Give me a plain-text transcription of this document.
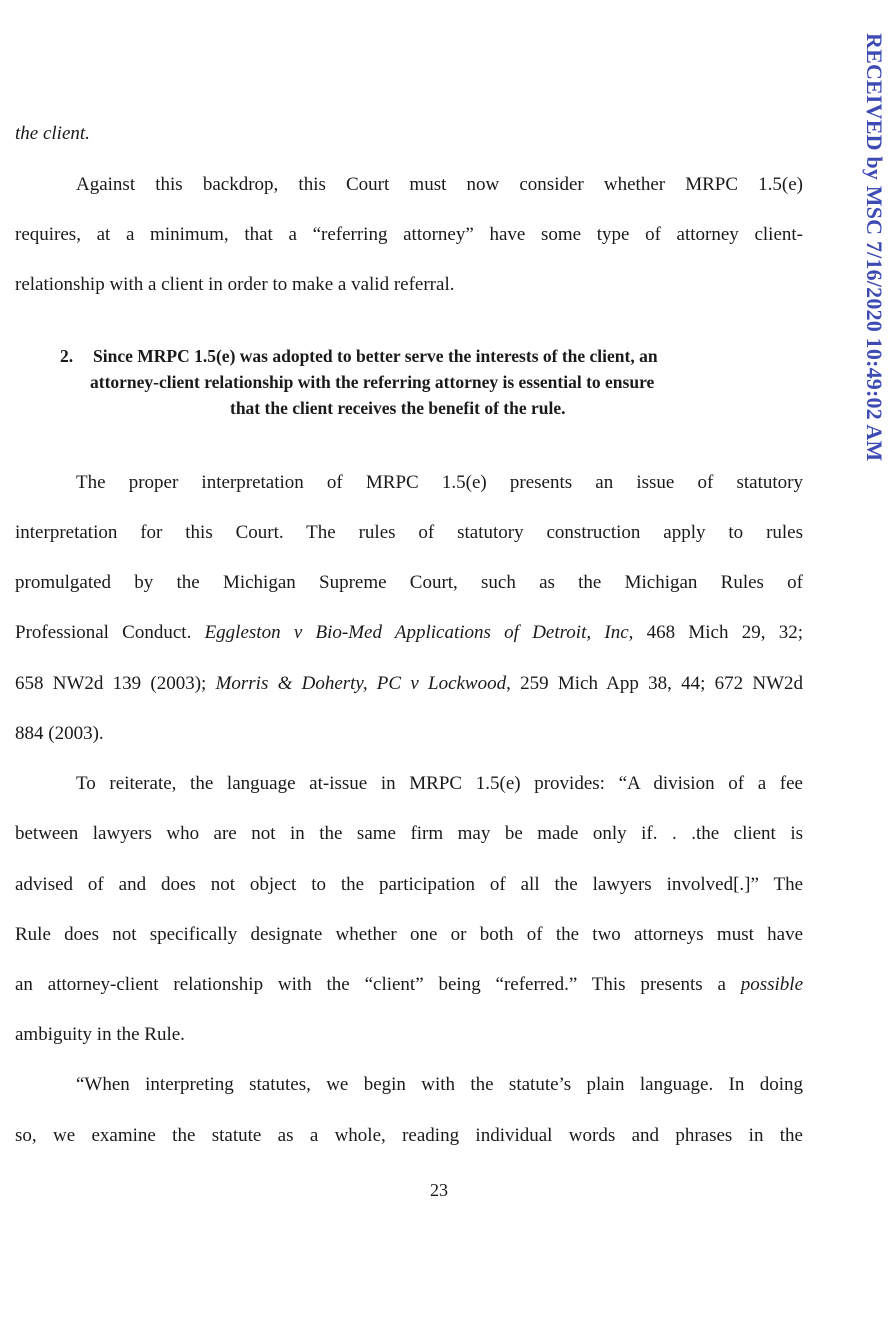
RECEIVED by MSC 7/16/2020 10:49:02 AM
the client.
Against this backdrop, this Court must now consider whether MRPC 1.5(e)
requires, at a minimum, that a “referring attorney” have some type of attorney client-
relationship with a client in order to make a valid referral.
2. Since MRPC 1.5(e) was adopted to better serve the interests of the client, an
attorney-client relationship with the referring attorney is essential to ensure
that the client receives the benefit of the rule.
The proper interpretation of MRPC 1.5(e) presents an issue of statutory
interpretation for this Court. The rules of statutory construction apply to rules
promulgated by the Michigan Supreme Court, such as the Michigan Rules of
Professional Conduct. Eggleston v Bio-Med Applications of Detroit, Inc, 468 Mich 29, 32;
658 NW2d 139 (2003); Morris & Doherty, PC v Lockwood, 259 Mich App 38, 44; 672 NW2d
884 (2003).
To reiterate, the language at-issue in MRPC 1.5(e) provides: “A division of a fee
between lawyers who are not in the same firm may be made only if. . .the client is
advised of and does not object to the participation of all the lawyers involved[.]” The
Rule does not specifically designate whether one or both of the two attorneys must have
an attorney-client relationship with the “client” being “referred.” This presents a possible
ambiguity in the Rule.
“When interpreting statutes, we begin with the statute’s plain language. In doing
so, we examine the statute as a whole, reading individual words and phrases in the
23
